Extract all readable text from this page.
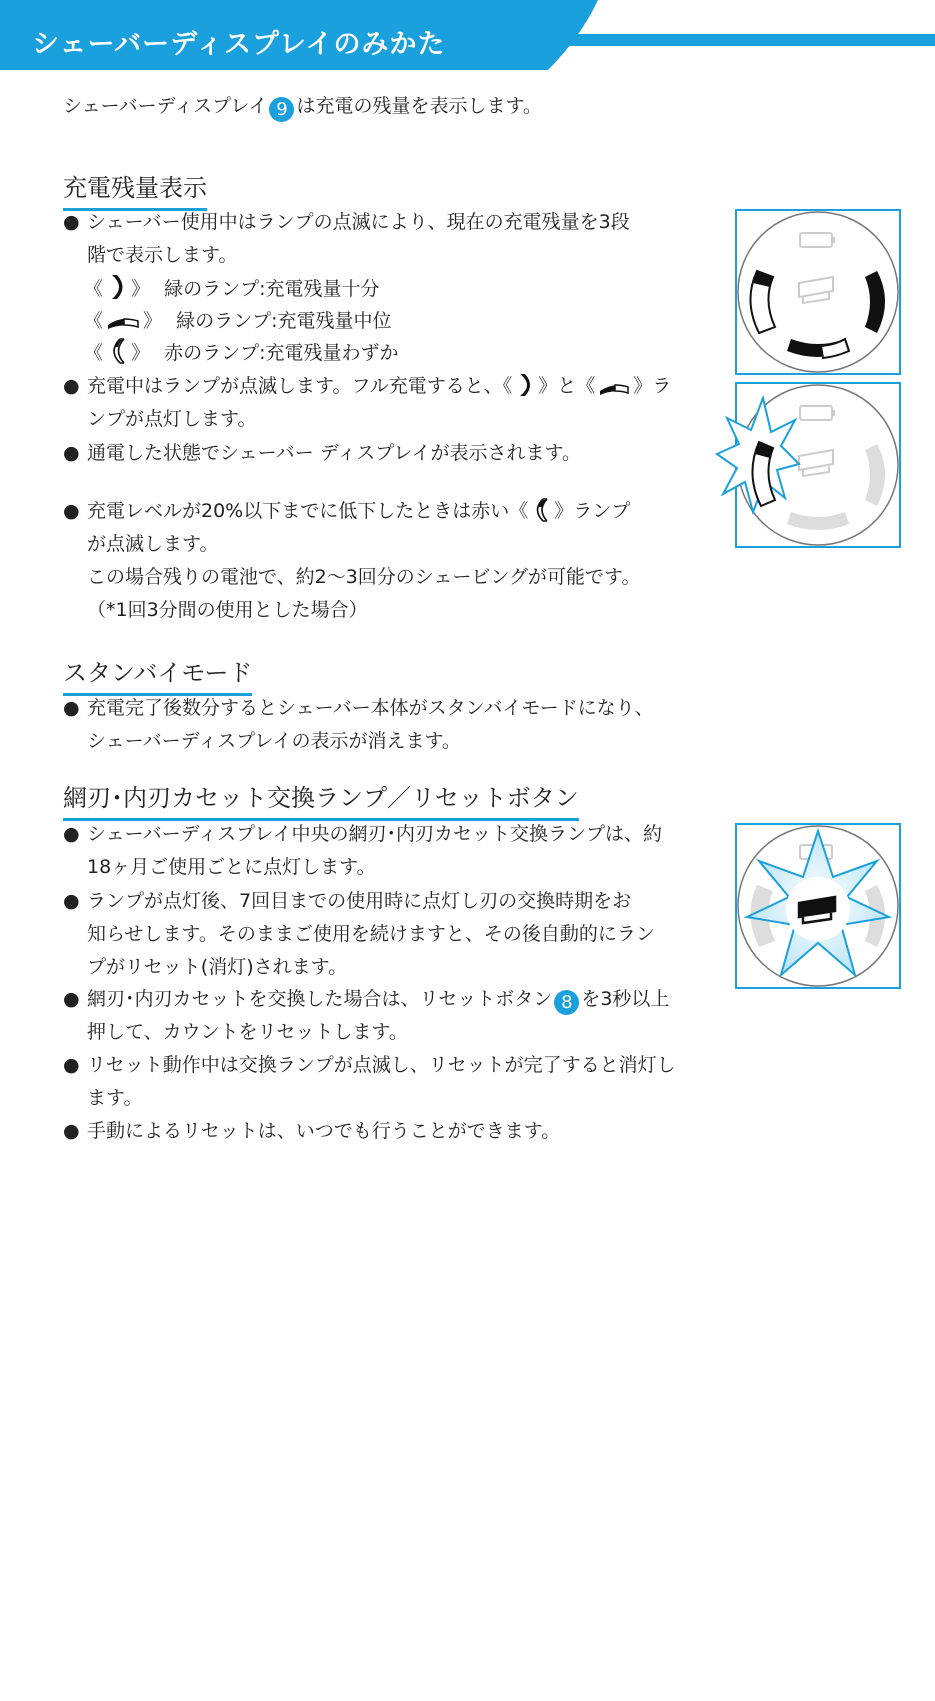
シェーバーディスプレイのみかた
シェーバーディスプレイ 9 は充電の残量を表示します。
充電残量表示
● シェーバー使用中はランプの点滅により、現在の充電残量を3段
階で表示します。
《 》 緑のランプ:充電残量十分
《 》 緑のランプ:充電残量中位
《 》 赤のランプ:充電残量わずか
● 充電中はランプが点滅します。フル充電すると、《 》と《 》ラ
ンプが点灯します。
● 通電した状態でシェーバー ディスプレイが表示されます。
● 充電レベルが20%以下までに低下したときは赤い《 》ランプ
が点滅します。
この場合残りの電池で、約2～3回分のシェービングが可能です。
（*1回3分間の使用とした場合）
スタンバイモード
● 充電完了後数分するとシェーバー本体がスタンバイモードになり、
シェーバーディスプレイの表示が消えます。
網刃･内刃カセット交換ランプ／リセットボタン
● シェーバーディスプレイ中央の網刃･内刃カセット交換ランプは、約
18ヶ月ご使用ごとに点灯します。
● ランプが点灯後、7回目までの使用時に点灯し刃の交換時期をお
知らせします。そのままご使用を続けますと、その後自動的にラン
プがリセット(消灯)されます。
● 網刃･内刃カセットを交換した場合は、リセットボタン 8 を3秒以上
押して、カウントをリセットします。
● リセット動作中は交換ランプが点滅し、リセットが完了すると消灯し
ます。
● 手動によるリセットは、いつでも行うことができます。
